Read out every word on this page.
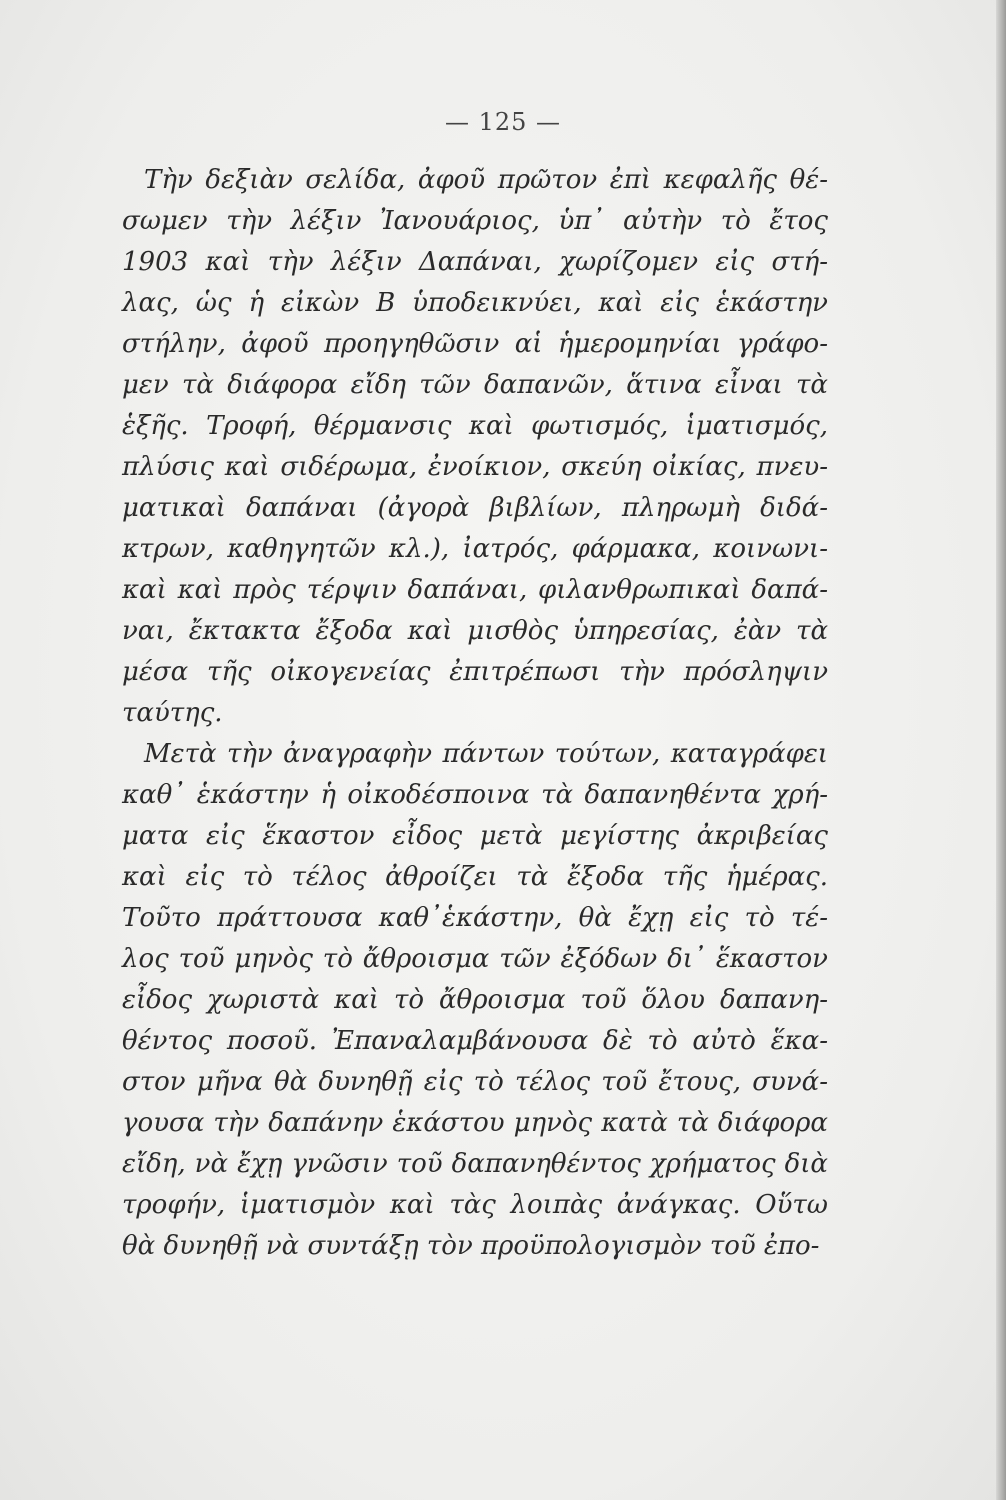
— 125 —
Τὴν δεξιὰν σελίδα, ἀφοῦ πρῶτον ἐπὶ κεφαλῆς θέ-
σωμεν τὴν λέξιν Ἰανουάριος, ὑπ᾽ αὐτὴν τὸ ἔτος
1903 καὶ τὴν λέξιν Δαπάναι, χωρίζομεν εἰς στή-
λας, ὡς ἡ εἰκὼν Β ὑποδεικνύει, καὶ εἰς ἑκάστην
στήλην, ἀφοῦ προηγηθῶσιν αἱ ἡμερομηνίαι γράφο-
μεν τὰ διάφορα εἴδη τῶν δαπανῶν, ἅτινα εἶναι τὰ
ἑξῆς. Τροφή, θέρμανσις καὶ φωτισμός, ἱματισμός,
πλύσις καὶ σιδέρωμα, ἐνοίκιον, σκεύη οἰκίας, πνευ-
ματικαὶ δαπάναι (ἀγορὰ βιβλίων, πληρωμὴ διδά-
κτρων, καθηγητῶν κλ.), ἰατρός, φάρμακα, κοινωνι-
καὶ καὶ πρὸς τέρψιν δαπάναι, φιλανθρωπικαὶ δαπά-
ναι, ἔκτακτα ἔξοδα καὶ μισθὸς ὑπηρεσίας, ἐὰν τὰ
μέσα τῆς οἰκογενείας ἐπιτρέπωσι τὴν πρόσληψιν
ταύτης.
Μετὰ τὴν ἀναγραφὴν πάντων τούτων, καταγράφει
καθ᾽ ἑκάστην ἡ οἰκοδέσποινα τὰ δαπανηθέντα χρή-
ματα εἰς ἕκαστον εἶδος μετὰ μεγίστης ἀκριβείας
καὶ εἰς τὸ τέλος ἀθροίζει τὰ ἔξοδα τῆς ἡμέρας.
Τοῦτο πράττουσα καθ᾽ἑκάστην, θὰ ἔχῃ εἰς τὸ τέ-
λος τοῦ μηνὸς τὸ ἄθροισμα τῶν ἐξόδων δι᾽ ἕκαστον
εἶδος χωριστὰ καὶ τὸ ἄθροισμα τοῦ ὅλου δαπανη-
θέντος ποσοῦ. Ἐπαναλαμβάνουσα δὲ τὸ αὐτὸ ἕκα-
στον μῆνα θὰ δυνηθῇ εἰς τὸ τέλος τοῦ ἔτους, συνά-
γουσα τὴν δαπάνην ἑκάστου μηνὸς κατὰ τὰ διάφορα
εἴδη, νὰ ἔχῃ γνῶσιν τοῦ δαπανηθέντος χρήματος διὰ
τροφήν, ἱματισμὸν καὶ τὰς λοιπὰς ἀνάγκας. Οὕτω
θὰ δυνηθῇ νὰ συντάξῃ τὸν προϋπολογισμὸν τοῦ ἐπο-
